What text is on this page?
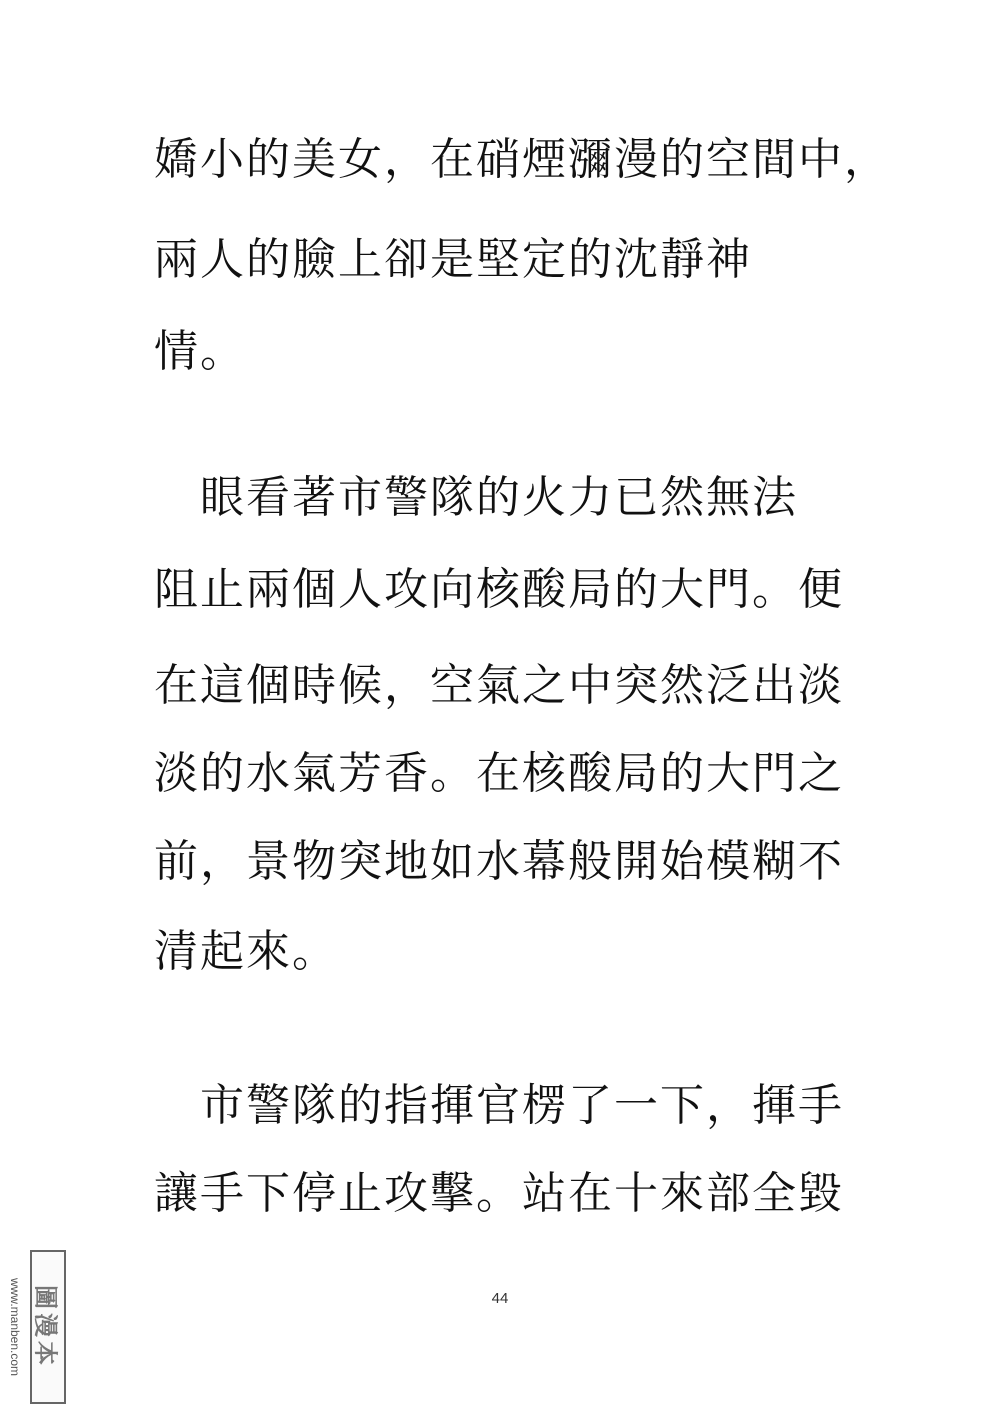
嬌小的美女，在硝煙瀰漫的空間中，
兩人的臉上卻是堅定的沈靜神
情。
　眼看著市警隊的火力已然無法
阻止兩個人攻向核酸局的大門。便
在這個時候，空氣之中突然泛出淡
淡的水氣芳香。在核酸局的大門之
前，景物突地如水幕般開始模糊不
清起來。
　市警隊的指揮官楞了一下，揮手
讓手下停止攻擊。站在十來部全毀
44
www.manben.com 圖漫本
